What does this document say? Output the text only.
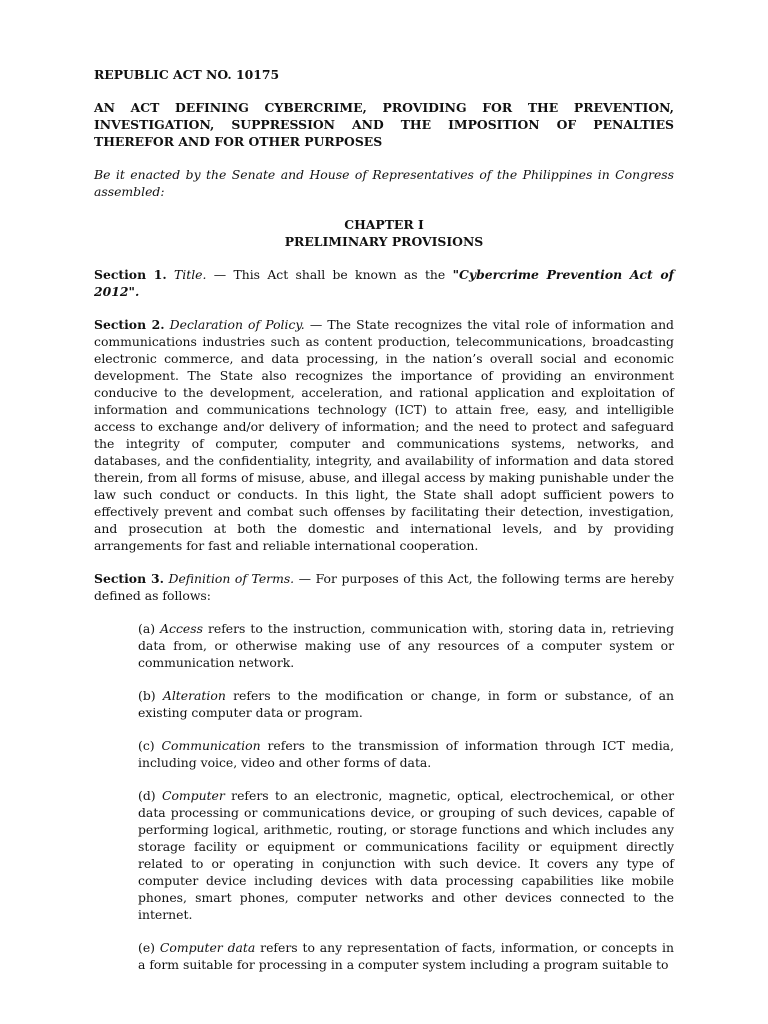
REPUBLIC ACT NO. 10175

AN ACT DEFINING CYBERCRIME, PROVIDING FOR THE PREVENTION, INVESTIGATION, SUPPRESSION AND THE IMPOSITION OF PENALTIES THEREFOR AND FOR OTHER PURPOSES

Be it enacted by the Senate and House of Representatives of the Philippines in Congress assembled:

CHAPTER I
PRELIMINARY PROVISIONS

Section 1. Title. — This Act shall be known as the "Cybercrime Prevention Act of 2012".

Section 2. Declaration of Policy. — The State recognizes the vital role of information and communications industries such as content production, telecommunications, broadcasting electronic commerce, and data processing, in the nation’s overall social and economic development. The State also recognizes the importance of providing an environment conducive to the development, acceleration, and rational application and exploitation of information and communications technology (ICT) to attain free, easy, and intelligible access to exchange and/or delivery of information; and the need to protect and safeguard the integrity of computer, computer and communications systems, networks, and databases, and the confidentiality, integrity, and availability of information and data stored therein, from all forms of misuse, abuse, and illegal access by making punishable under the law such conduct or conducts. In this light, the State shall adopt sufficient powers to effectively prevent and combat such offenses by facilitating their detection, investigation, and prosecution at both the domestic and international levels, and by providing arrangements for fast and reliable international cooperation.

Section 3. Definition of Terms. — For purposes of this Act, the following terms are hereby defined as follows:

(a) Access refers to the instruction, communication with, storing data in, retrieving data from, or otherwise making use of any resources of a computer system or communication network.

(b) Alteration refers to the modification or change, in form or substance, of an existing computer data or program.

(c) Communication refers to the transmission of information through ICT media, including voice, video and other forms of data.

(d) Computer refers to an electronic, magnetic, optical, electrochemical, or other data processing or communications device, or grouping of such devices, capable of performing logical, arithmetic, routing, or storage functions and which includes any storage facility or equipment or communications facility or equipment directly related to or operating in conjunction with such device. It covers any type of computer device including devices with data processing capabilities like mobile phones, smart phones, computer networks and other devices connected to the internet.

(e) Computer data refers to any representation of facts, information, or concepts in a form suitable for processing in a computer system including a program suitable to
